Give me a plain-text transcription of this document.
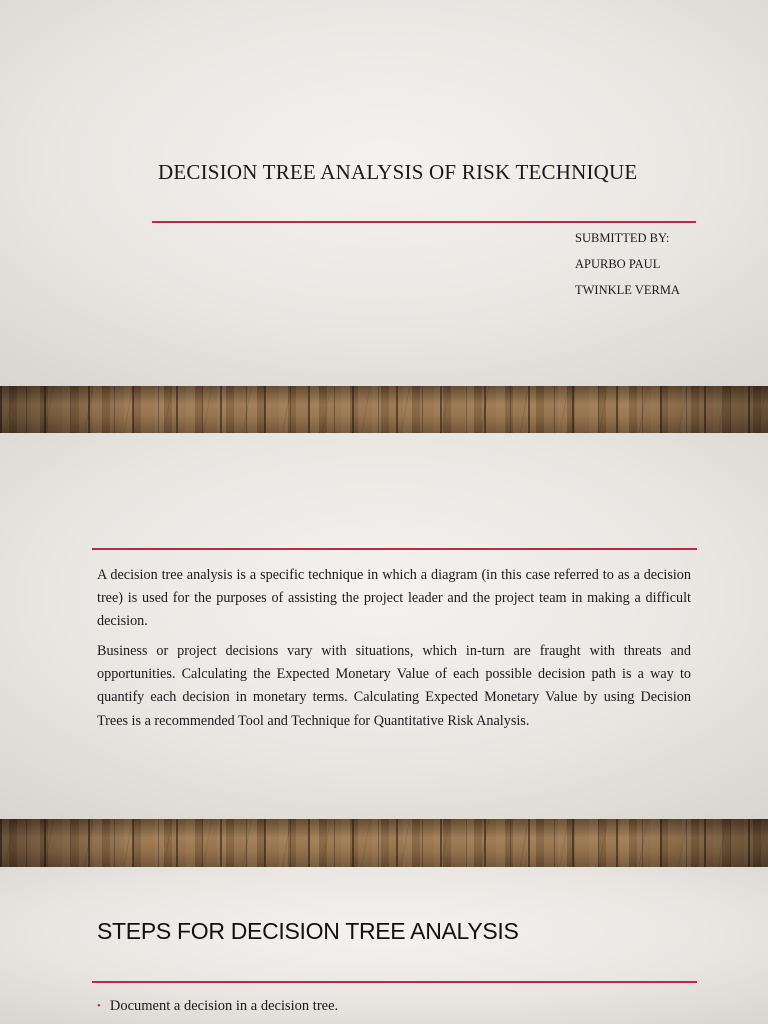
DECISION TREE ANALYSIS OF RISK TECHNIQUE
SUBMITTED BY:
APURBO PAUL
TWINKLE VERMA

A decision tree analysis is a specific technique in which a diagram (in this case referred to as a decision tree) is used for the purposes of assisting the project leader and the project team in making a difficult decision.

Business or project decisions vary with situations, which in-turn are fraught with threats and opportunities. Calculating the Expected Monetary Value of each possible decision path is a way to quantify each decision in monetary terms. Calculating Expected Monetary Value by using Decision Trees is a recommended Tool and Technique for Quantitative Risk Analysis.

STEPS FOR DECISION TREE ANALYSIS
• Document a decision in a decision tree.
